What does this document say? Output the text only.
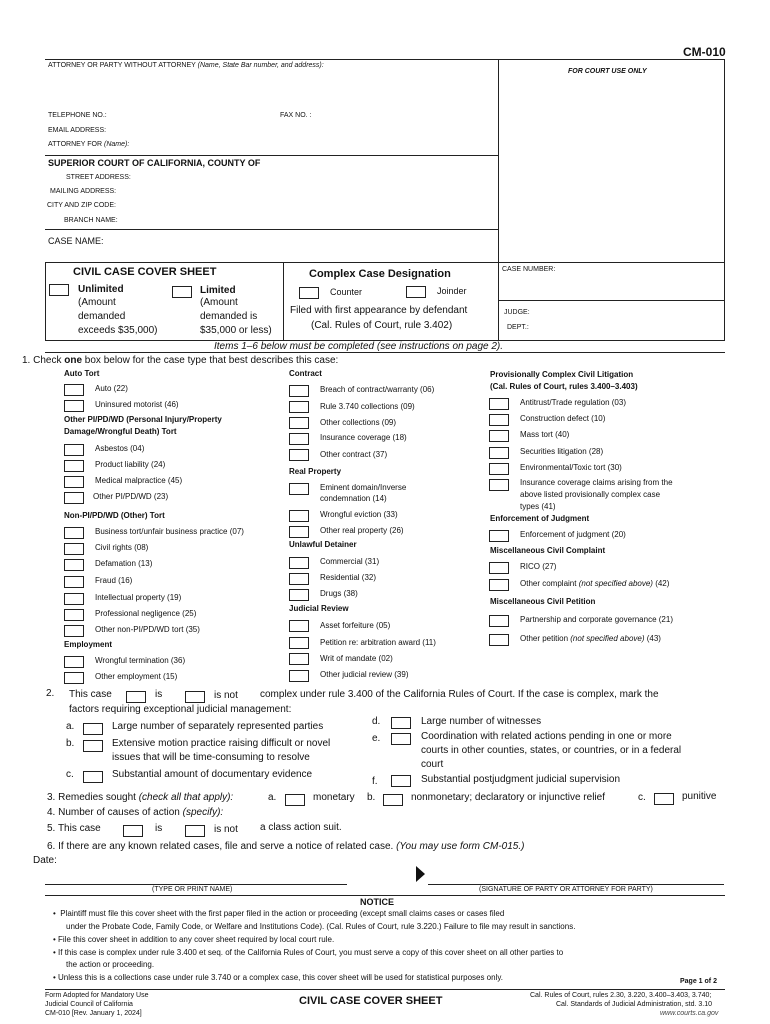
CM-010
ATTORNEY OR PARTY WITHOUT ATTORNEY (Name, State Bar number, and address):
FOR COURT USE ONLY
TELEPHONE NO.:	FAX NO. :
EMAIL ADDRESS:
ATTORNEY FOR (Name):
SUPERIOR COURT OF CALIFORNIA, COUNTY OF
STREET ADDRESS:
MAILING ADDRESS:
CITY AND ZIP CODE:
BRANCH NAME:
CASE NAME:
CASE NUMBER:
JUDGE:
DEPT.:
CIVIL CASE COVER SHEET
Unlimited
(Amount
demanded
exceeds $35,000)
Limited
(Amount
demanded is
$35,000 or less)
Complex Case Designation
Counter	Joinder
Filed with first appearance by defendant
(Cal. Rules of Court, rule 3.402)
Items 1–6 below must be completed (see instructions on page 2).
1. Check one box below for the case type that best describes this case:
Auto Tort
Auto (22)
Uninsured motorist (46)
Other PI/PD/WD (Personal Injury/Property
Damage/Wrongful Death) Tort
Asbestos (04)
Product liability (24)
Medical malpractice (45)
Other PI/PD/WD (23)
Non-PI/PD/WD (Other) Tort
Business tort/unfair business practice (07)
Civil rights (08)
Defamation (13)
Fraud (16)
Intellectual property (19)
Professional negligence (25)
Other non-PI/PD/WD tort (35)
Employment
Wrongful termination (36)
Other employment (15)
Contract
Breach of contract/warranty (06)
Rule 3.740 collections (09)
Other collections (09)
Insurance coverage (18)
Other contract (37)
Real Property
Eminent domain/Inverse
condemnation (14)
Wrongful eviction (33)
Other real property (26)
Unlawful Detainer
Commercial (31)
Residential (32)
Drugs (38)
Judicial Review
Asset forfeiture (05)
Petition re: arbitration award (11)
Writ of mandate (02)
Other judicial review (39)
Provisionally Complex Civil Litigation
(Cal. Rules of Court, rules 3.400–3.403)
Antitrust/Trade regulation (03)
Construction defect (10)
Mass tort (40)
Securities litigation (28)
Environmental/Toxic tort (30)
Insurance coverage claims arising from the
above listed provisionally complex case
types (41)
Enforcement of Judgment
Enforcement of judgment (20)
Miscellaneous Civil Complaint
RICO (27)
Other complaint (not specified above) (42)
Miscellaneous Civil Petition
Partnership and corporate governance (21)
Other petition (not specified above) (43)
2. This case	is	is not complex under rule 3.400 of the California Rules of Court. If the case is complex, mark the
factors requiring exceptional judicial management:
a.	Large number of separately represented parties
b.	Extensive motion practice raising difficult or novel
issues that will be time-consuming to resolve
c.	Substantial amount of documentary evidence
d.	Large number of witnesses
e.	Coordination with related actions pending in one or more
courts in other counties, states, or countries, or in a federal
court
f.	Substantial postjudgment judicial supervision
3. Remedies sought (check all that apply):	a.	monetary b.	nonmonetary; declaratory or injunctive relief	c.	punitive
4. Number of causes of action (specify):
5. This case	is	is not a class action suit.
6. If there are any known related cases, file and serve a notice of related case. (You may use form CM-015.)
Date:
(TYPE OR PRINT NAME)	(SIGNATURE OF PARTY OR ATTORNEY FOR PARTY)
NOTICE
•  Plaintiff must file this cover sheet with the first paper filed in the action or proceeding (except small claims cases or cases filed
under the Probate Code, Family Code, or Welfare and Institutions Code). (Cal. Rules of Court, rule 3.220.) Failure to file may result in sanctions.
• File this cover sheet in addition to any cover sheet required by local court rule.
• If this case is complex under rule 3.400 et seq. of the California Rules of Court, you must serve a copy of this cover sheet on all other parties to
the action or proceeding.
• Unless this is a collections case under rule 3.740 or a complex case, this cover sheet will be used for statistical purposes only.	Page 1 of 2
Form Adopted for Mandatory Use
Judicial Council of California
CM-010 [Rev. January 1, 2024]
CIVIL CASE COVER SHEET	Cal. Rules of Court, rules 2.30, 3.220, 3.400–3.403, 3.740;
Cal. Standards of Judicial Administration, std. 3.10
www.courts.ca.gov
